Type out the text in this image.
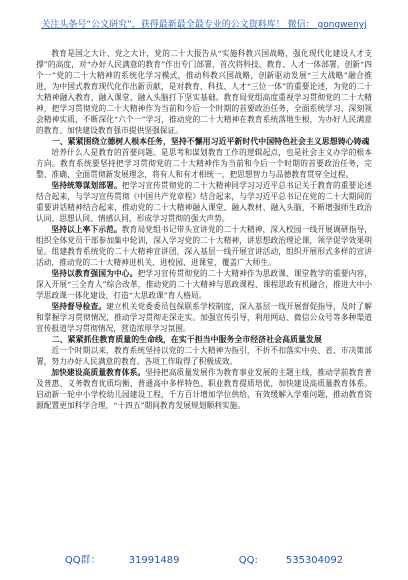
关注头条号“公文研究”，获得最新最全最专业的公文资料库！ 微信： gongwenyj

教育是国之大计、党之大计，党的二十大报告从“实施科教兴国战略，强化现代化建设人才支撑”的高度，对“办好人民满意的教育”作出专门部署，首次将科技、教育、人才一体部署。创新“四个一”党的二十大精神的系统化学习模式，推动科教兴国战略，创新驱动发展“三大战略”融合推进，为中国式教育现代化作出新贡献，是对教育、科技、人才“三位一体”的重要论述，为党的二十大精神融入教育、融入课堂、融入头脑打下坚实基础。教育局党组高度重视学习贯彻党的二十大精神，把学习贯彻党的二十大精神作为当前和今后一个时期的首要政治任务，全面系统学习、深刻领会精神实质，不断深化“六个一”学习，推动党的二十大精神在教育系统落地生根，为办好人民满意的教育、加快建设教育强市提供坚强保证。

一、紧紧围绕立德树人根本任务，坚持不懈用习近平新时代中国特色社会主义思想铸心铸魂

培养什么人是教育的首要问题。是思考和谋划教育工作的逻辑起点，也是社会主义办学的根本方向。教育系统要坚持把学习贯彻党的二十大精神作为当前和今后一个时期的首要政治任务，完整、准确、全面贯彻新发展理念，将有人和有才相统一，把思想智力与品德教育贯穿全过程。

坚持统筹谋划部署。把学习宣传贯彻党的二十大精神同学习习近平总书记关于教育的重要论述结合起来，与学习宣传贯彻《中国共产党章程》结合起来，与学习近平总书记在党的二十大期间的重要讲话精神结合起来，推动党的二十大精神融入课堂、融入教材、融入头脑，不断增强师生政治认同、思想认同、情感认同，形成学习贯彻的强大声势。

坚持以上率下示范。教育局党组书记带头宣讲党的二十大精神，深入校园一线开展调研指导，组织全体党员干部参加集中轮训，深入学习党的二十大精神，讲思想政治理论课，领学促学效果明显。组建教育系统党的二十大精神宣讲团，深入基层一线开展宣讲活动，组织开展形式多样的宣讲活动，推动党的二十大精神进机关、进校园、进课堂，覆盖广大师生。

坚持以教育强国为中心。把学习宣传贯彻党的二十大精神作为思政课、课堂教学的重要内容，深入开展“三全育人”综合改革，推动党的二十大精神与思政课程、课程思政有机融合，推进大中小学思政课一体化建设，打造“大思政课”育人格局。

坚持督导检查。建立机关党委委员包保联系学校制度，深入基层一线开展督促指导，及时了解和掌握学习贯彻情况，推动学习贯彻走深走实。加强宣传引导，利用网站、微信公众号等多种渠道宣传报道学习贯彻情况，营造浓厚学习氛围。

二、紧紧抓住教育质量的生命线，在实干担当中服务全市经济社会高质量发展

近一个时期以来，教育系统坚持以党的二十大精神为指引，不折不扣落实中央、省、市决策部署，努力办好人民满意的教育。各项工作取得了积极成效。

加快建设高质量教育体系。坚持把高质量发展作为教育事业发展的主题主线，推动学前教育普及普惠、义务教育优质均衡、普通高中多样特色、职业教育提质培优，加快建设高质量教育体系。启动新一轮中小学校幼儿园建设工程，千方百计增加学位供给，有效缓解入学难问题，推动教育资源配置更加科学合理，“十四五”期间教育发展规划顺利实施。

QQ群：	31991489	QQ:	535304092
